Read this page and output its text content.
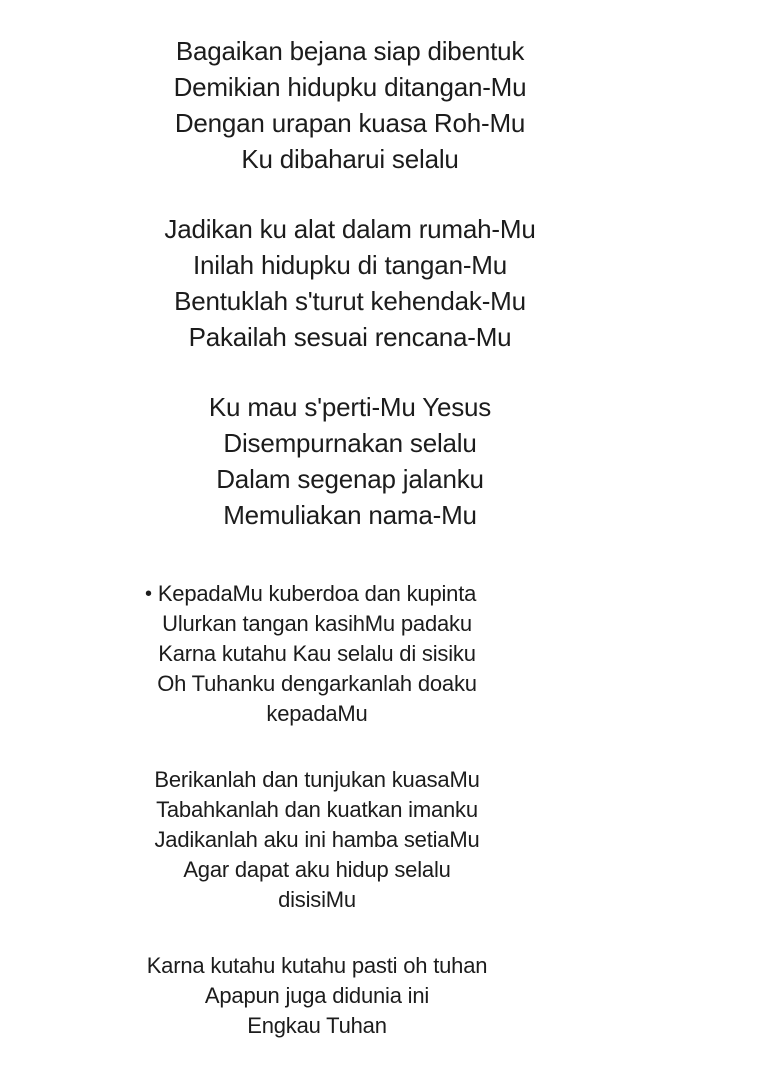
Bagaikan bejana siap dibentuk
Demikian hidupku ditangan-Mu
Dengan urapan kuasa Roh-Mu
Ku dibaharui selalu
Jadikan ku alat dalam rumah-Mu
Inilah hidupku di tangan-Mu
Bentuklah s'turut kehendak-Mu
Pakailah sesuai rencana-Mu
Ku mau s'perti-Mu Yesus
Disempurnakan selalu
Dalam segenap jalanku
Memuliakan nama-Mu
• KepadaMu kuberdoa dan kupinta
Ulurkan tangan kasihMu padaku
Karna kutahu Kau selalu di sisiku
Oh Tuhanku dengarkanlah doaku
kepadaMu
Berikanlah dan tunjukan kuasaMu
Tabahkanlah dan kuatkan imanku
Jadikanlah aku ini hamba setiaMu
Agar dapat aku hidup selalu
disisiMu
Karna kutahu kutahu pasti oh tuhan
Apapun juga didunia ini
Engkau Tuhan
